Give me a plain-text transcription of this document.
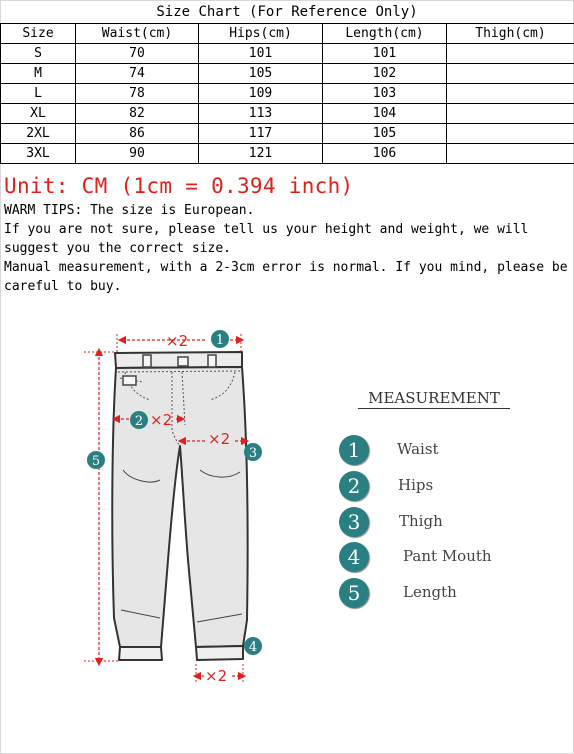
Size Chart (For Reference Only)
Size	Waist(cm)	Hips(cm)	Length(cm)	Thigh(cm)
S	70	101	101	
M	74	105	102	
L	78	109	103	
XL	82	113	104	
2XL	86	117	105	
3XL	90	121	106	
Unit: CM (1cm = 0.394 inch)

WARM TIPS: The size is European.

If you are not sure, please tell us your height and weight, we will suggest you the correct size.

Manual measurement, with a 2-3cm error is normal. If you mind, please be careful to buy.

×2 1
2 ×2
×2
3
5
4
×2
MEASUREMENT
1	Waist
2	Hips
3	Thigh
4	Pant Mouth
5	Length
